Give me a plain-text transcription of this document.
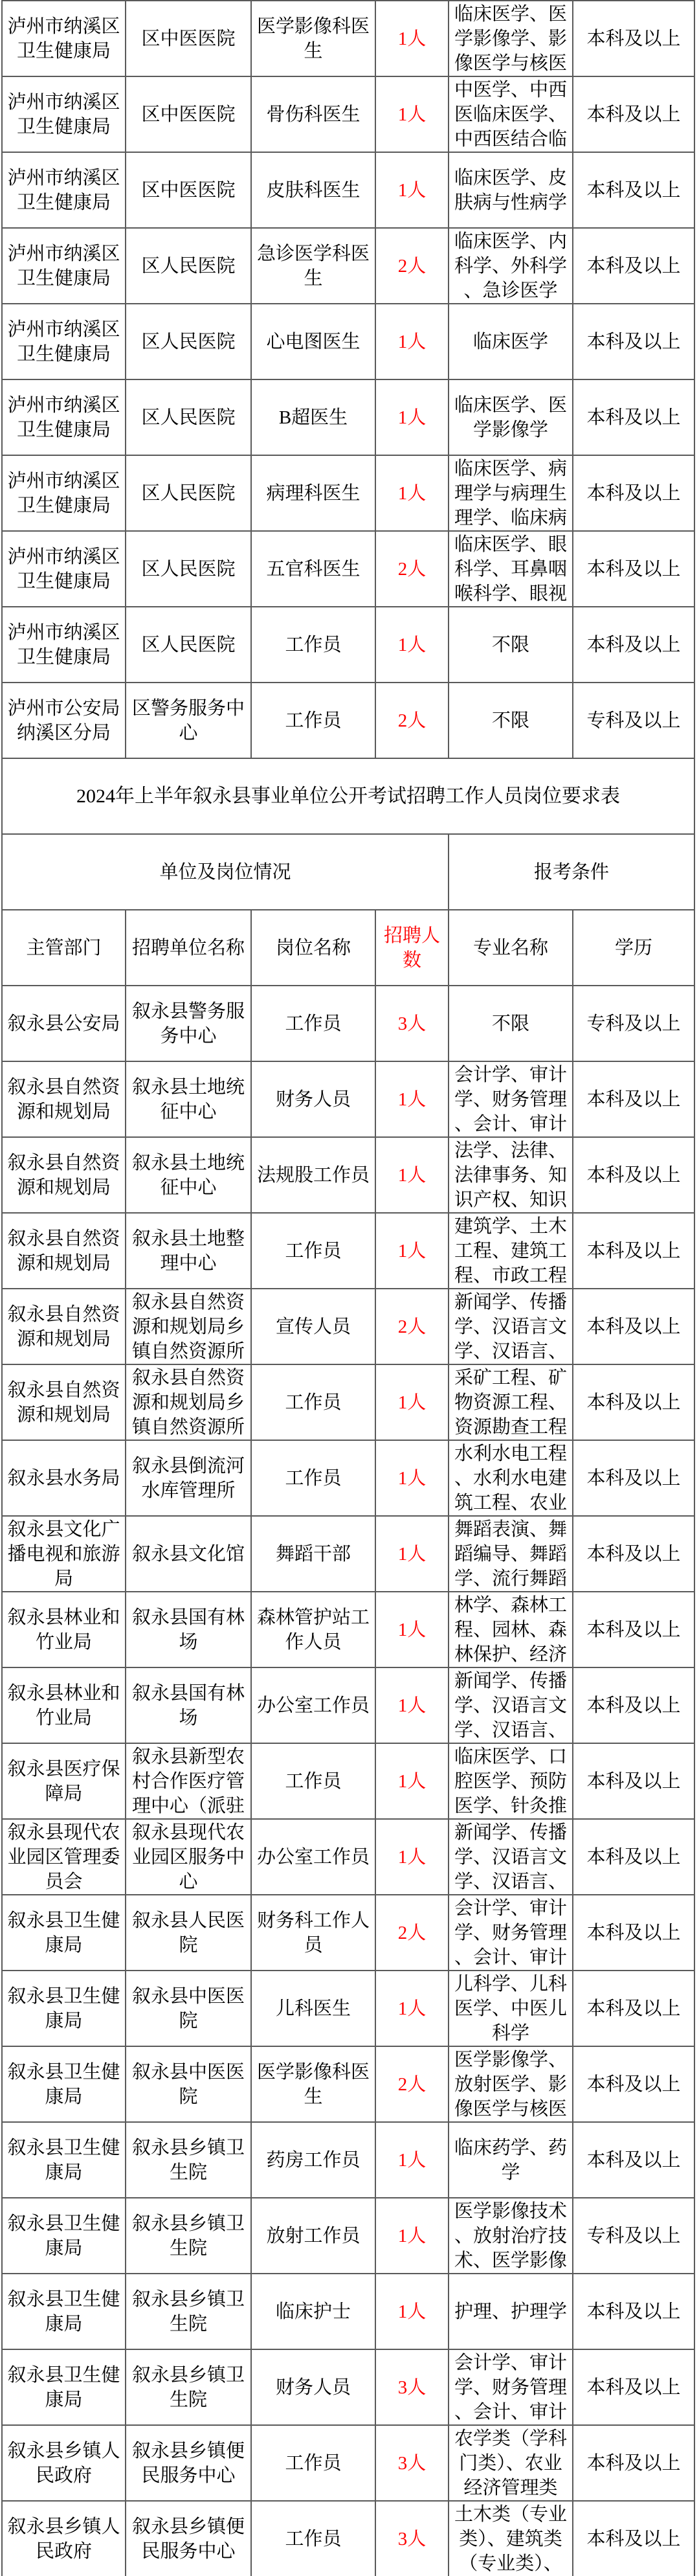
泸州市纳溪区卫生健康局	区中医医院	医学影像科医生	1人	临床医学、医学影像学、影像医学与核医	本科及以上

泸州市纳溪区卫生健康局	区中医医院	骨伤科医生	1人	中医学、中西医临床医学、中西医结合临	本科及以上

泸州市纳溪区卫生健康局	区中医医院	皮肤科医生	1人	临床医学、皮肤病与性病学	本科及以上

泸州市纳溪区卫生健康局	区人民医院	急诊医学科医生	2人	临床医学、内科学、外科学、急诊医学	本科及以上

泸州市纳溪区卫生健康局	区人民医院	心电图医生	1人	临床医学	本科及以上

泸州市纳溪区卫生健康局	区人民医院	B超医生	1人	临床医学、医学影像学	本科及以上

泸州市纳溪区卫生健康局	区人民医院	病理科医生	1人	临床医学、病理学与病理生理学、临床病	本科及以上

泸州市纳溪区卫生健康局	区人民医院	五官科医生	2人	临床医学、眼科学、耳鼻咽喉科学、眼视	本科及以上

泸州市纳溪区卫生健康局	区人民医院	工作员	1人	不限	本科及以上

泸州市公安局纳溪区分局	区警务服务中心	工作员	2人	不限	专科及以上

2024年上半年叙永县事业单位公开考试招聘工作人员岗位要求表					

单位及岗位情况				报考条件	

主管部门	招聘单位名称	岗位名称	招聘人数	专业名称	学历

叙永县公安局	叙永县警务服务中心	工作员	3人	不限	专科及以上

叙永县自然资源和规划局	叙永县土地统征中心	财务人员	1人	会计学、审计学、财务管理、会计、审计	本科及以上

叙永县自然资源和规划局	叙永县土地统征中心	法规股工作员	1人	法学、法律、法律事务、知识产权、知识	本科及以上

叙永县自然资源和规划局	叙永县土地整理中心	工作员	1人	建筑学、土木工程、建筑工程、市政工程	本科及以上

叙永县自然资源和规划局	叙永县自然资源和规划局乡镇自然资源所	宣传人员	2人	新闻学、传播学、汉语言文学、汉语言、	本科及以上

叙永县自然资源和规划局	叙永县自然资源和规划局乡镇自然资源所	工作员	1人	采矿工程、矿物资源工程、资源勘查工程	本科及以上

叙永县水务局	叙永县倒流河水库管理所	工作员	1人	水利水电工程、水利水电建筑工程、农业	本科及以上

叙永县文化广播电视和旅游局	叙永县文化馆	舞蹈干部	1人	舞蹈表演、舞蹈编导、舞蹈学、流行舞蹈	本科及以上

叙永县林业和竹业局	叙永县国有林场	森林管护站工作人员	1人	林学、森林工程、园林、森林保护、经济	本科及以上

叙永县林业和竹业局	叙永县国有林场	办公室工作员	1人	新闻学、传播学、汉语言文学、汉语言、	本科及以上

叙永县医疗保障局	叙永县新型农村合作医疗管理中心（派驻	工作员	1人	临床医学、口腔医学、预防医学、针灸推	本科及以上

叙永县现代农业园区管理委员会	叙永县现代农业园区服务中心	办公室工作员	1人	新闻学、传播学、汉语言文学、汉语言、	本科及以上

叙永县卫生健康局	叙永县人民医院	财务科工作人员	2人	会计学、审计学、财务管理、会计、审计	本科及以上

叙永县卫生健康局	叙永县中医医院	儿科医生	1人	儿科学、儿科医学、中医儿科学	本科及以上

叙永县卫生健康局	叙永县中医医院	医学影像科医生	2人	医学影像学、放射医学、影像医学与核医	本科及以上

叙永县卫生健康局	叙永县乡镇卫生院	药房工作员	1人	临床药学、药学	本科及以上

叙永县卫生健康局	叙永县乡镇卫生院	放射工作员	1人	医学影像技术、放射治疗技术、医学影像	专科及以上

叙永县卫生健康局	叙永县乡镇卫生院	临床护士	1人	护理、护理学	本科及以上

叙永县卫生健康局	叙永县乡镇卫生院	财务人员	3人	会计学、审计学、财务管理、会计、审计	本科及以上

叙永县乡镇人民政府	叙永县乡镇便民服务中心	工作员	3人	农学类（学科门类）、农业经济管理类	本科及以上

叙永县乡镇人民政府	叙永县乡镇便民服务中心	工作员	3人	土木类（专业类）、建筑类（专业类）、	本科及以上
